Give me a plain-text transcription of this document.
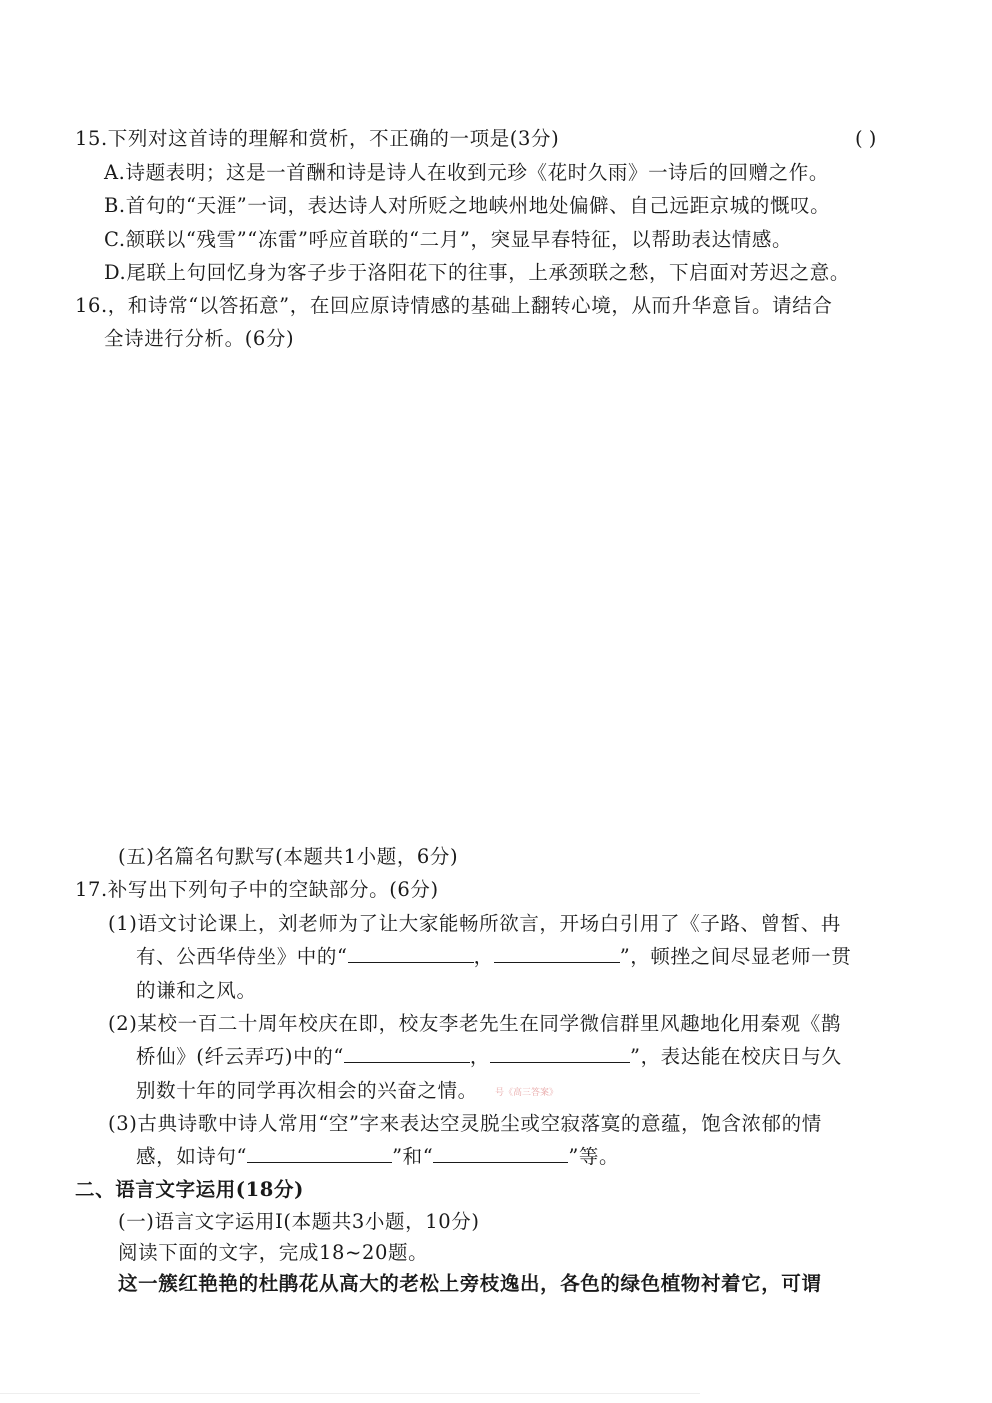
15.下列对这首诗的理解和赏析，不正确的一项是(3分)	( )
A.诗题表明；这是一首酬和诗是诗人在收到元珍《花时久雨》一诗后的回赠之作。
B.首句的“天涯”一词，表达诗人对所贬之地峡州地处偏僻、自己远距京城的慨叹。
C.颔联以“残雪”“冻雷”呼应首联的“二月”，突显早春特征，以帮助表达情感。
D.尾联上句回忆身为客子步于洛阳花下的往事，上承颈联之愁，下启面对芳迟之意。
16.，和诗常“以答拓意”，在回应原诗情感的基础上翻转心境，从而升华意旨。请结合
全诗进行分析。(6分)
(五)名篇名句默写(本题共1小题，6分)
17.补写出下列句子中的空缺部分。(6分)
(1)语文讨论课上，刘老师为了让大家能畅所欲言，开场白引用了《子路、曾皙、冉
有、公西华侍坐》中的“	，	”，顿挫之间尽显老师一贯
的谦和之风。
(2)某校一百二十周年校庆在即，校友李老先生在同学微信群里风趣地化用秦观《鹊
桥仙》(纤云弄巧)中的“	，	”，表达能在校庆日与久
别数十年的同学再次相会的兴奋之情。 号《高三答案》
(3)古典诗歌中诗人常用“空”字来表达空灵脱尘或空寂落寞的意蕴，饱含浓郁的情
感，如诗句“	”和“	”等。
二、语言文字运用(18分)
(一)语言文字运用Ⅰ(本题共3小题，10分)
阅读下面的文字，完成18~20题。
这一簇红艳艳的杜鹃花从高大的老松上旁枝逸出，各色的绿色植物衬着它，可谓
